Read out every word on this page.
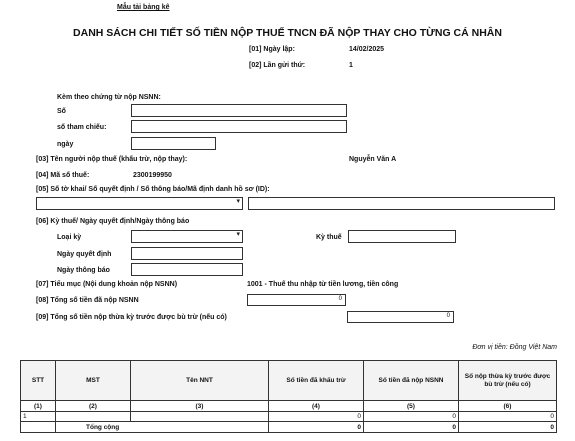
Mẫu tải bảng kê
DANH SÁCH CHI TIẾT SỐ TIỀN NỘP THUẾ TNCN ĐÃ NỘP THAY CHO TỪNG CÁ NHÂN
[01] Ngày lập:	14/02/2025
[02] Lần gửi thứ:	1
Kèm theo chứng từ nộp NSNN:
Số
số tham chiếu:
ngày
[03] Tên người nộp thuế (khấu trừ, nộp thay):	Nguyễn Văn A
[04] Mã số thuế:	2300199950
[05] Số tờ khai/ Số quyết định / Số thông báo/Mã định danh hồ sơ (ID):
▾
[06] Kỳ thuế/ Ngày quyết định/Ngày thông báo
Loại kỳ ▾	Kỳ thuế
Ngày quyết định
Ngày thông báo
[07] Tiểu mục (Nội dung khoản nộp NSNN)	1001 - Thuế thu nhập từ tiền lương, tiền công
[08] Tổng số tiền đã nộp NSNN	0
[09] Tổng số tiền nộp thừa kỳ trước được bù trừ (nếu có)	0
Đơn vị tiền: Đồng Việt Nam
STT	MST	Tên NNT	Số tiền đã khấu trừ	Số tiền đã nộp NSNN	Số nộp thừa kỳ trước được bù trừ (nếu có)
(1)	(2)	(3)	(4)	(5)	(6)
1			0	0	0
	Tổng cộng		0	0	0
